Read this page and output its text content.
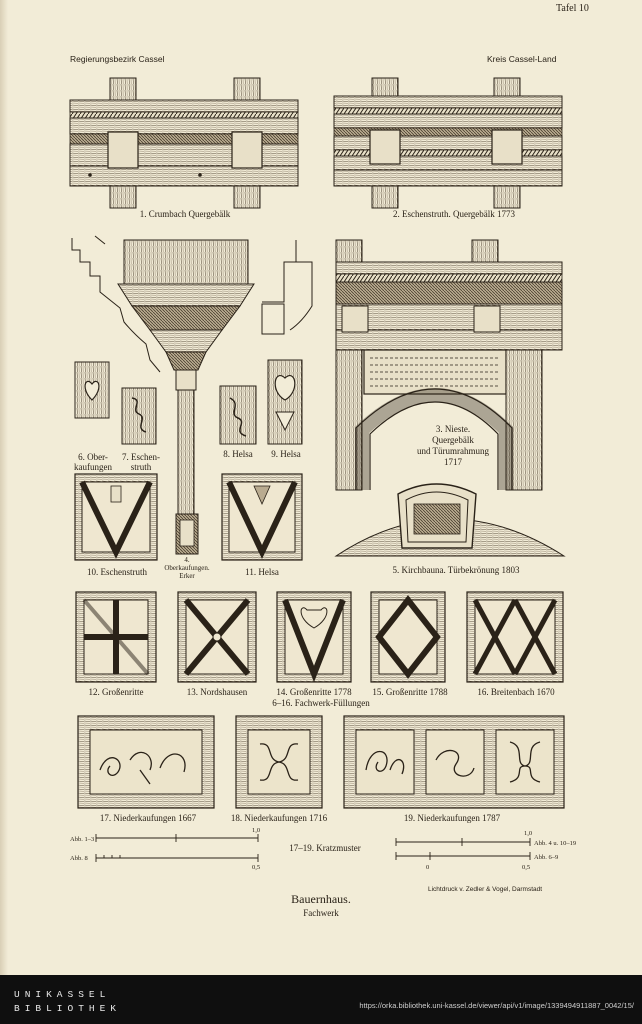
Tafel 10
Regierungsbezirk Cassel	Kreis Cassel-Land
1. Crumbach Quergebälk	2. Eschenstruth. Quergebälk 1773
3. Nieste.
Quergebälk
und Türumrahmung
1717
4.
Oberkaufungen.
Erker
5. Kirchbauna. Türbekrönung 1803
6. Ober-
kaufungen
7. Eschen-
struth
8. Helsa	9. Helsa
10. Eschenstruth	11. Helsa
12. Großenritte	13. Nordshausen	14. Großenritte 1778	15. Großenritte 1788	16. Breitenbach 1670
6–16. Fachwerk-Füllungen
17. Niederkaufungen 1667	18. Niederkaufungen 1716	19. Niederkaufungen 1787
17–19. Kratzmuster
Abb. 1–3
Abb. 8
1,0
0,5
Abb. 4 u. 10–19
Abb. 6–9
1,0
0	0,5
Bauernhaus.
Fachwerk
Lichtdruck v. Zedler & Vogel, Darmstadt
UNIKASSEL
BIBLIOTHEK	https://orka.bibliothek.uni-kassel.de/viewer/api/v1/image/1339494911887_0042/15/
